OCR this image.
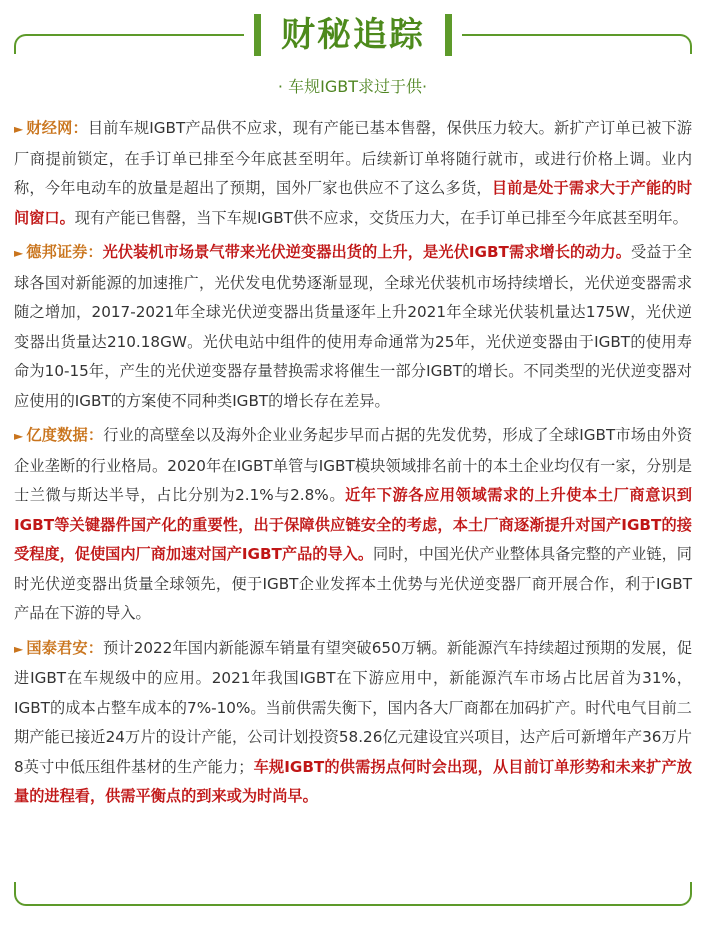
财秘追踪
· 车规IGBT求过于供·

► 财经网：目前车规IGBT产品供不应求，现有产能已基本售罄，保供压力较大。新扩产订单已被下游厂商提前锁定，在手订单已排至今年底甚至明年。后续新订单将随行就市，或进行价格上调。业内称，今年电动车的放量是超出了预期，国外厂家也供应不了这么多货，目前是处于需求大于产能的时间窗口。现有产能已售罄，当下车规IGBT供不应求，交货压力大，在手订单已排至今年底甚至明年。

► 德邦证券：光伏装机市场景气带来光伏逆变器出货的上升，是光伏IGBT需求增长的动力。受益于全球各国对新能源的加速推广，光伏发电优势逐渐显现，全球光伏装机市场持续增长，光伏逆变器需求随之增加，2017-2021年全球光伏逆变器出货量逐年上升2021年全球光伏装机量达175W，光伏逆变器出货量达210.18GW。光伏电站中组件的使用寿命通常为25年，光伏逆变器由于IGBT的使用寿命为10-15年，产生的光伏逆变器存量替换需求将催生一部分IGBT的增长。不同类型的光伏逆变器对应使用的IGBT的方案使不同种类IGBT的增长存在差异。

► 亿度数据：行业的高壁垒以及海外企业业务起步早而占据的先发优势，形成了全球IGBT市场由外资企业垄断的行业格局。2020年在IGBT单管与IGBT模块领域排名前十的本土企业均仅有一家，分别是士兰微与斯达半导，占比分别为2.1%与2.8%。近年下游各应用领域需求的上升使本土厂商意识到IGBT等关键器件国产化的重要性，出于保障供应链安全的考虑，本土厂商逐渐提升对国产IGBT的接受程度，促使国内厂商加速对国产IGBT产品的导入。同时，中国光伏产业整体具备完整的产业链，同时光伏逆变器出货量全球领先，便于IGBT企业发挥本土优势与光伏逆变器厂商开展合作，利于IGBT产品在下游的导入。

► 国泰君安：预计2022年国内新能源车销量有望突破650万辆。新能源汽车持续超过预期的发展，促进IGBT在车规级中的应用。2021年我国IGBT在下游应用中，新能源汽车市场占比居首为31%，IGBT的成本占整车成本的7%-10%。当前供需失衡下，国内各大厂商都在加码扩产。时代电气目前二期产能已接近24万片的设计产能，公司计划投资58.26亿元建设宜兴项目，达产后可新增年产36万片8英寸中低压组件基材的生产能力；车规IGBT的供需拐点何时会出现，从目前订单形势和未来扩产放量的进程看，供需平衡点的到来或为时尚早。
